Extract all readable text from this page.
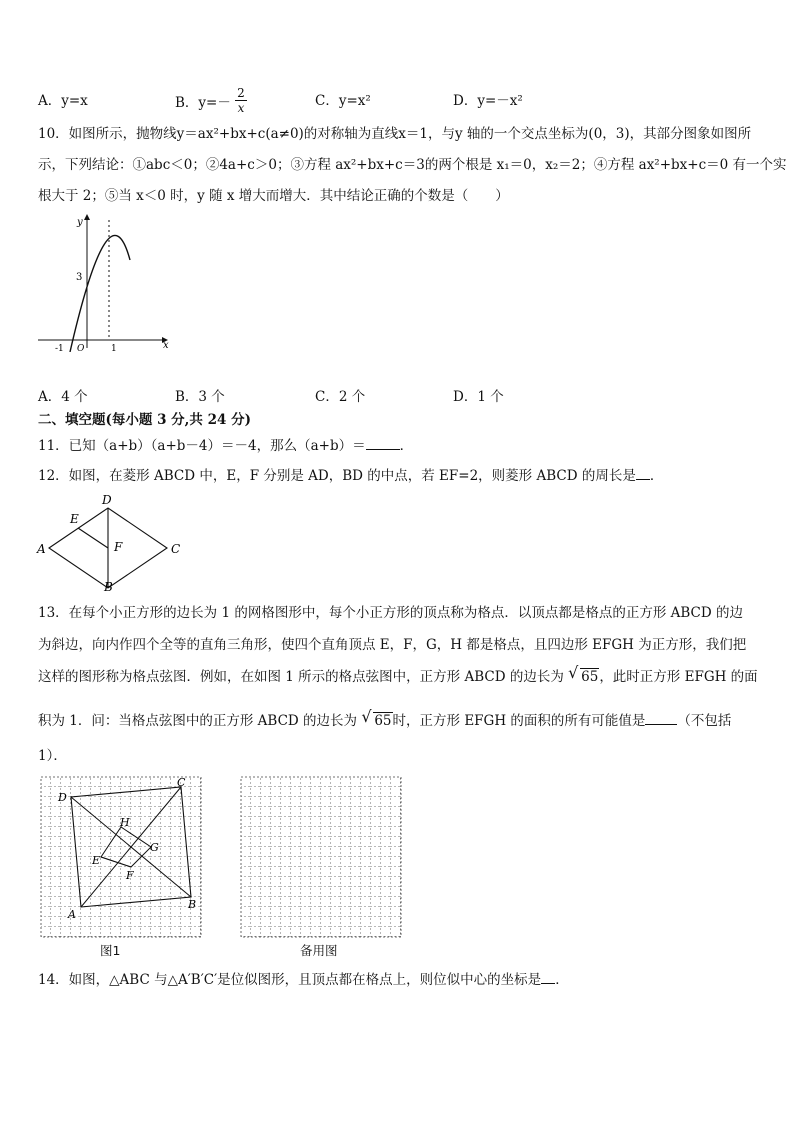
A．y=x	B．$y=- \frac{2}{x}$	C．y=x²	D．y=－x²
10．如图所示，抛物线y＝ax²+bx+c(a≠0)的对称轴为直线x＝1，与y 轴的一个交点坐标为(0，3)，其部分图象如图所
示，下列结论：①abc＜0；②4a+c＞0；③方程 ax²+bx+c＝3的两个根是 x₁＝0，x₂＝2；④方程 ax²+bx+c＝0 有一个实
根大于 2；⑤当 x＜0 时，y 随 x 增大而增大．其中结论正确的个数是（　　）
y
x
3
-1 O	1
A．4 个	B．3 个	C．2 个	D．1 个
二、填空题(每小题 3 分,共 24 分)
11．已知（a+b）（a+b－4）＝－4，那么（a+b）＝	．
12．如图，在菱形 ABCD 中，E，F 分别是 AD，BD 的中点，若 EF=2，则菱形 ABCD 的周长是 ．
A
D
C
B
E
F
13．在每个小正方形的边长为 1 的网格图形中，每个小正方形的顶点称为格点．以顶点都是格点的正方形 ABCD 的边
为斜边，向内作四个全等的直角三角形，使四个直角顶点 E，F，G，H 都是格点，且四边形 EFGH 为正方形，我们把
这样的图形称为格点弦图．例如，在如图 1 所示的格点弦图中，正方形 ABCD 的边长为 √ 65，此时正方形 EFGH 的面
积为 1．问：当格点弦图中的正方形 ABCD 的边长为 √ 65时，正方形 EFGH 的面积的所有可能值是 （不包括
1）．
A
B
C
D
E
F
G
H
图1	备用图
14．如图，△ABC 与△A′B′C′是位似图形，且顶点都在格点上，则位似中心的坐标是 ．
